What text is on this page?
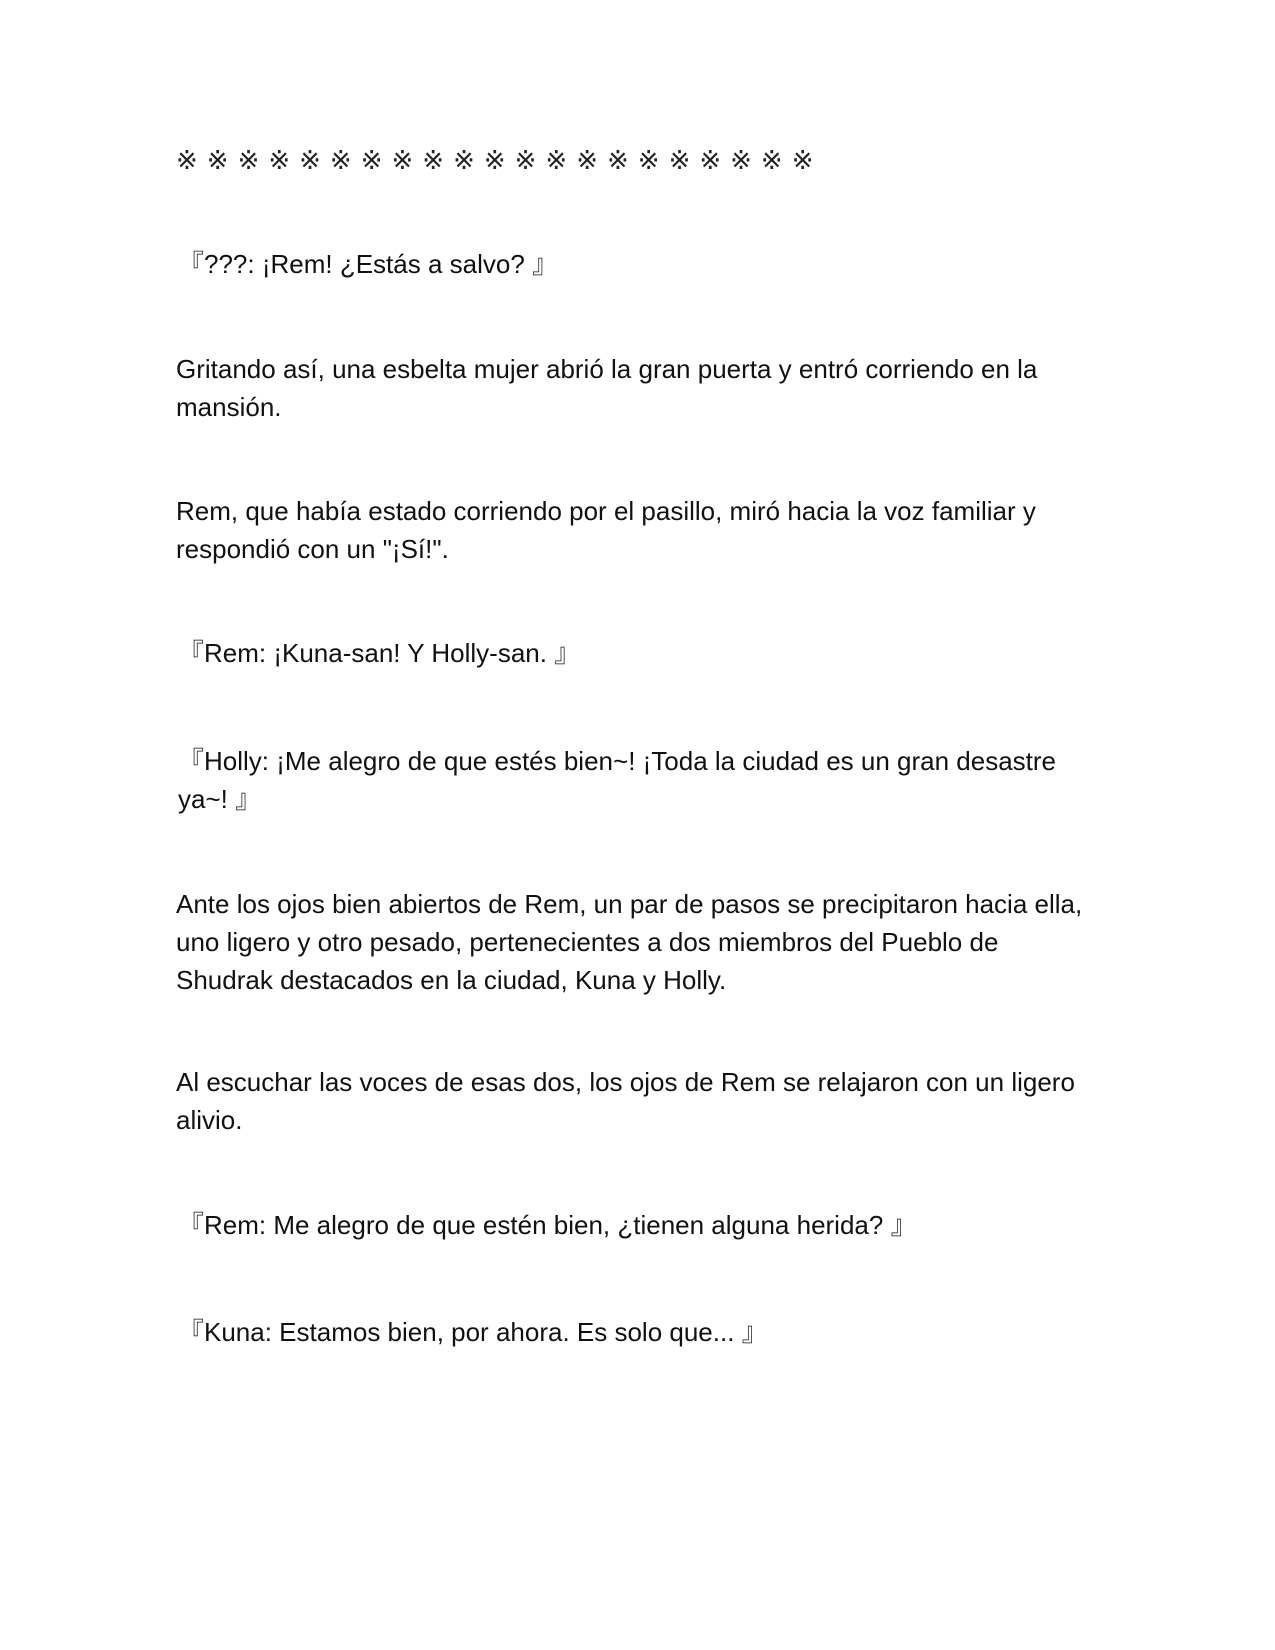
※※※※※※※※※※※※※※※※※※※※※

『???: ¡Rem! ¿Estás a salvo? 』

Gritando así, una esbelta mujer abrió la gran puerta y entró corriendo en la mansión.

Rem, que había estado corriendo por el pasillo, miró hacia la voz familiar y respondió con un "¡Sí!".

『Rem: ¡Kuna-san! Y Holly-san. 』

『Holly: ¡Me alegro de que estés bien~! ¡Toda la ciudad es un gran desastre ya~! 』

Ante los ojos bien abiertos de Rem, un par de pasos se precipitaron hacia ella, uno ligero y otro pesado, pertenecientes a dos miembros del Pueblo de Shudrak destacados en la ciudad, Kuna y Holly.

Al escuchar las voces de esas dos, los ojos de Rem se relajaron con un ligero alivio.

『Rem: Me alegro de que estén bien, ¿tienen alguna herida? 』

『Kuna: Estamos bien, por ahora. Es solo que... 』
